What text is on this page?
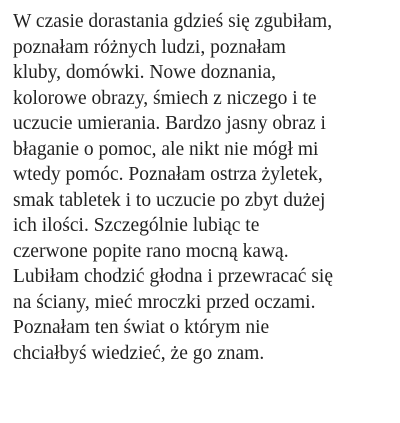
W czasie dorastania gdzieś się zgubiłam,
poznałam różnych ludzi, poznałam
kluby, domówki. Nowe doznania,
kolorowe obrazy, śmiech z niczego i te
uczucie umierania. Bardzo jasny obraz i
błaganie o pomoc, ale nikt nie mógł mi
wtedy pomóc. Poznałam ostrza żyletek,
smak tabletek i to uczucie po zbyt dużej
ich ilości. Szczególnie lubiąc te
czerwone popite rano mocną kawą.
Lubiłam chodzić głodna i przewracać się
na ściany, mieć mroczki przed oczami.
Poznałam ten świat o którym nie
chciałbyś wiedzieć, że go znam.
